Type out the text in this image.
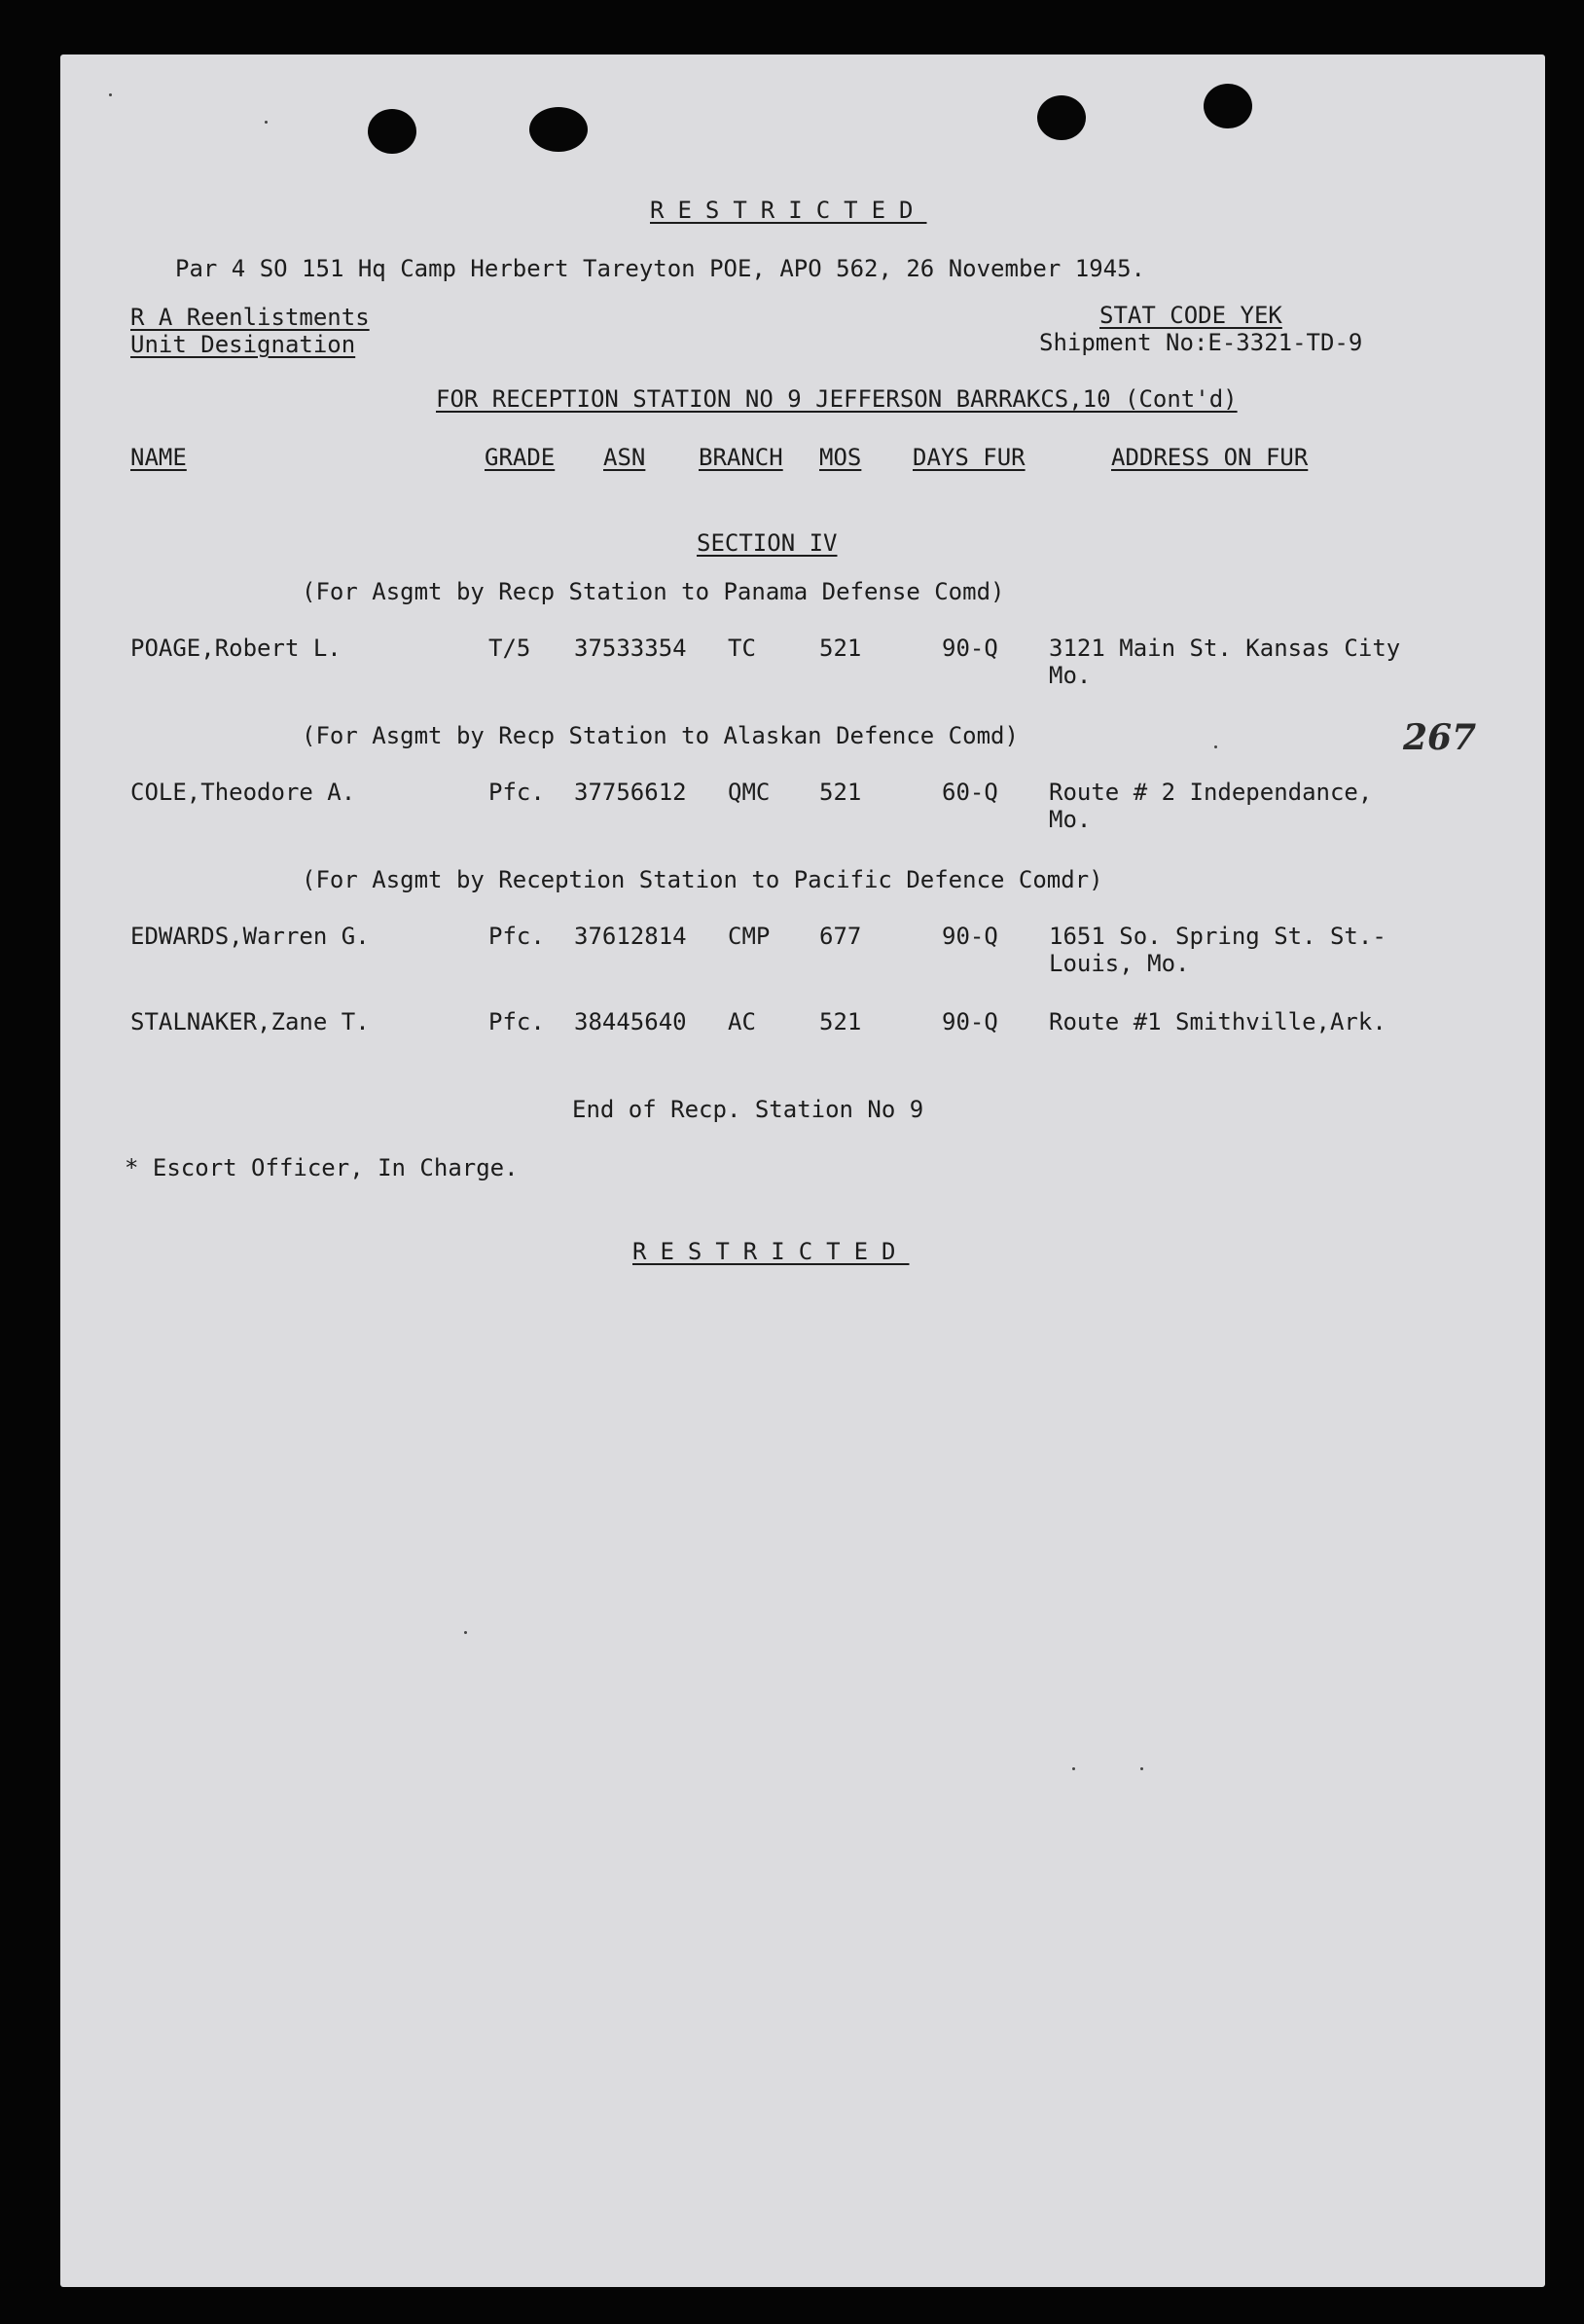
RESTRICTED
Par 4 SO 151 Hq Camp Herbert Tareyton POE, APO 562, 26 November 1945.
R A Reenlistments
Unit Designation
STAT CODE YEK
Shipment No:E-3321-TD-9
FOR RECEPTION STATION NO 9 JEFFERSON BARRAKCS,10 (Cont'd)
NAME	GRADE ASN BRANCH MOS DAYS FUR	ADDRESS ON FUR
SECTION IV
(For Asgmt by Recp Station to Panama Defense Comd)
POAGE,Robert L.	T/5 37533354 TC	521	90-Q 3121 Main St. Kansas City
Mo.
(For Asgmt by Recp Station to Alaskan Defence Comd)	267
COLE,Theodore A.	Pfc. 37756612 QMC 521	60-Q Route # 2 Independance,
Mo.
(For Asgmt by Reception Station to Pacific Defence Comdr)
EDWARDS,Warren G.	Pfc. 37612814 CMP 677	90-Q 1651 So. Spring St. St.-
Louis, Mo.
STALNAKER,Zane T.	Pfc. 38445640 AC	521	90-Q Route #1 Smithville,Ark.
End of Recp. Station No 9
* Escort Officer, In Charge.
RESTRICTED
